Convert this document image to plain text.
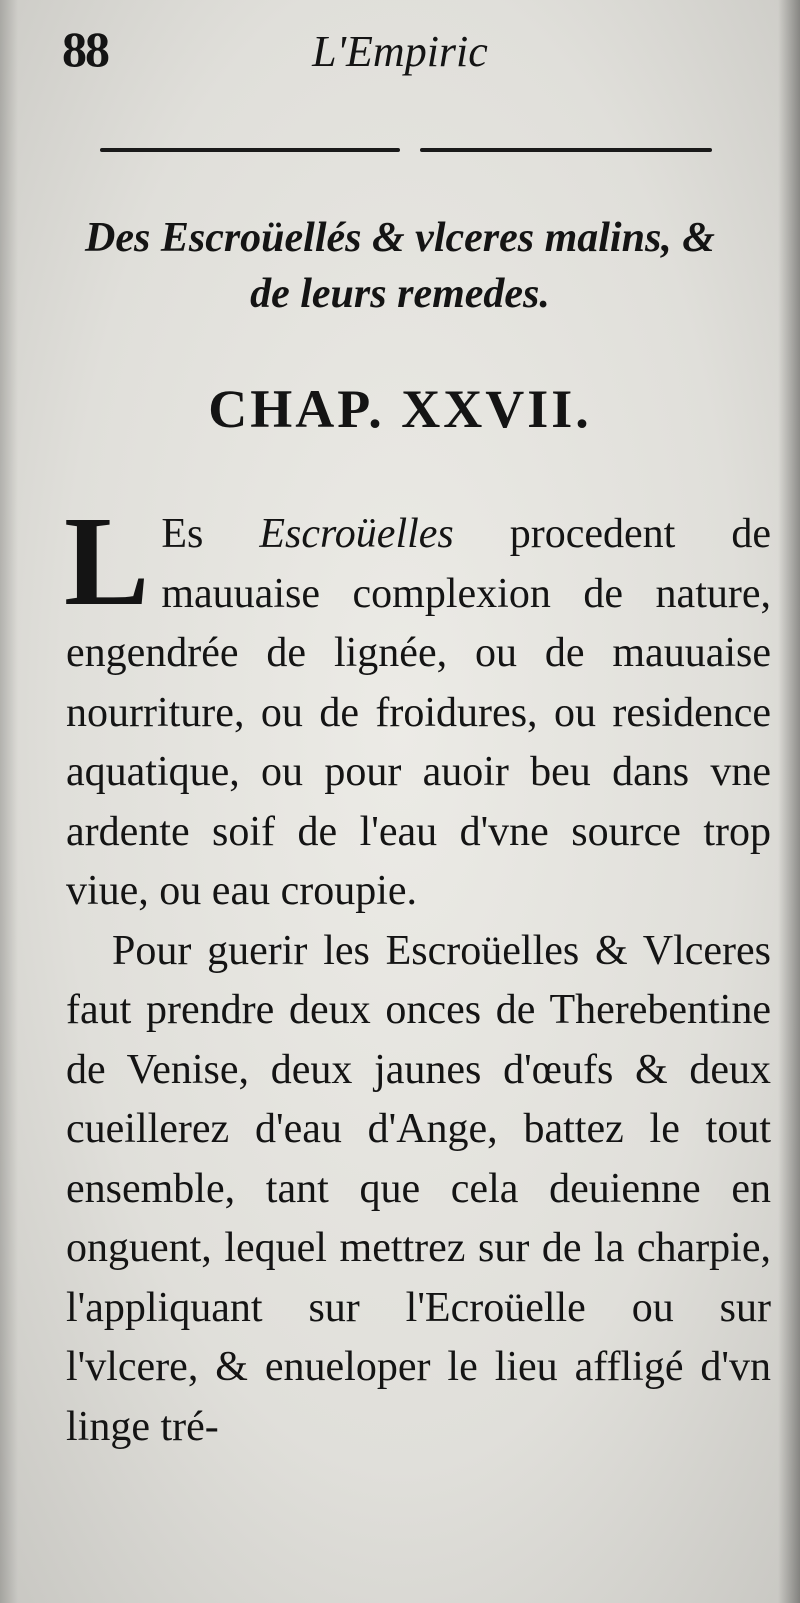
88	L'Empiric
Des Escroüellés & vlceres malins, &
de leurs remedes.
CHAP. XXVII.

L Es Escroüelles procedent de mauuaise complexion de nature, engendrée de lignée, ou de mauuaise nourriture, ou de froidures, ou residence aquatique, ou pour auoir beu dans vne ardente soif de l'eau d'vne source trop viue, ou eau croupie.

Pour guerir les Escroüelles & Vlceres faut prendre deux onces de Therebentine de Venise, deux jaunes d'œufs & deux cueillerez d'eau d'Ange, battez le tout ensemble, tant que cela deuienne en onguent, lequel mettrez sur de la charpie, l'appliquant sur l'Ecroüelle ou sur l'vlcere, & enueloper le lieu affligé d'vn linge tré-
